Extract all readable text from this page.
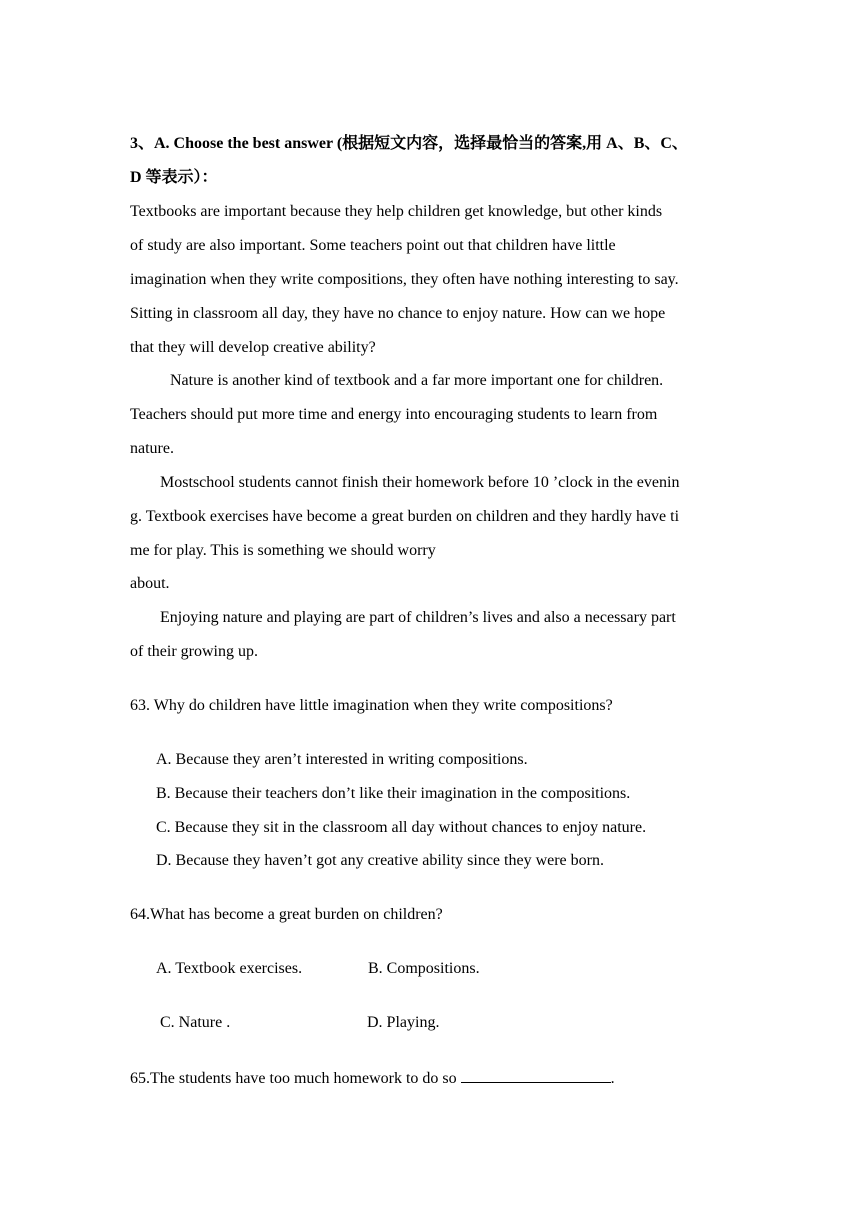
3、A. Choose the best answer (根据短文内容，选择最恰当的答案,用 A、B、C、
D 等表示）：
Textbooks are important because they help children get knowledge, but other kinds
of study are also important. Some teachers point out that children have little
imagination when they write compositions, they often have nothing interesting to say.
Sitting in classroom all day, they have no chance to enjoy nature. How can we hope
that they will develop creative ability?
Nature is another kind of textbook and a far more important one for children.
Teachers should put more time and energy into encouraging students to learn from
nature.
Mostschool students cannot finish their homework before 10 ’clock in the evenin
g. Textbook exercises have become a great burden on children and they hardly have ti
me for play. This is something we should worry
about.
Enjoying nature and playing are part of children’s lives and also a necessary part
of their growing up.
63. Why do children have little imagination when they write compositions?
A. Because they aren’t interested in writing compositions.
B. Because their teachers don’t like their imagination in the compositions.
C. Because they sit in the classroom all day without chances to enjoy nature.
D. Because they haven’t got any creative ability since they were born.
64.What has become a great burden on children?
A. Textbook exercises.	B. Compositions.
C. Nature .	D. Playing.
65.The students have too much homework to do so	.
